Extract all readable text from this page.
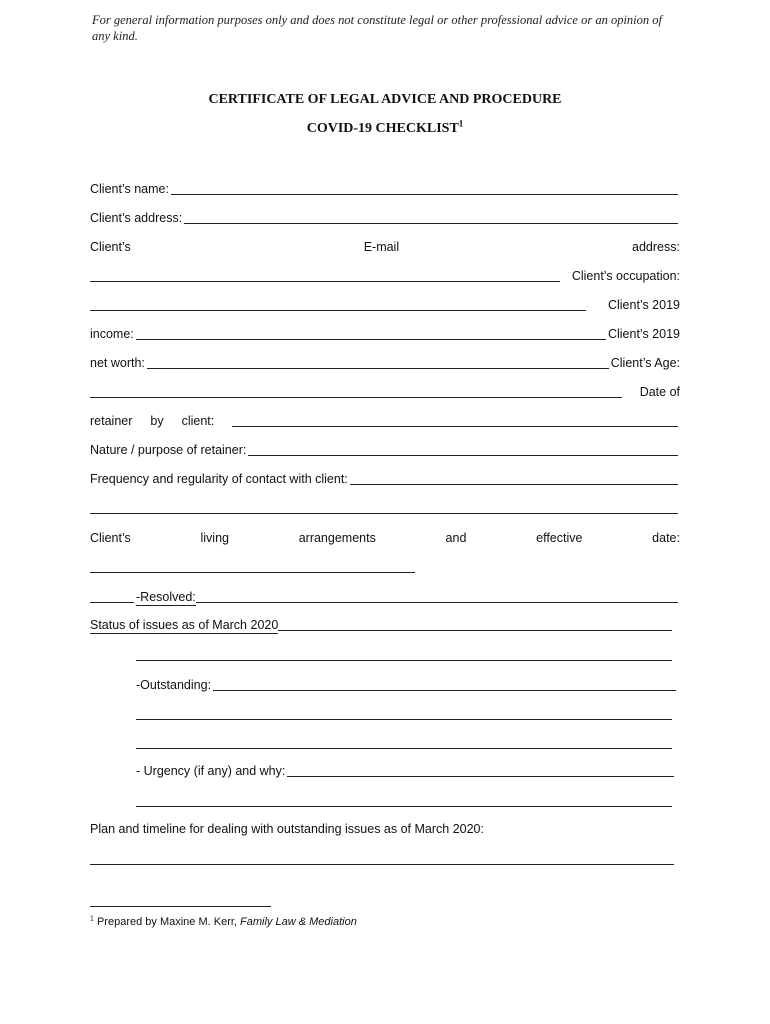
For general information purposes only and does not constitute legal or other professional advice or an opinion of any kind.
CERTIFICATE OF LEGAL ADVICE AND PROCEDURE
COVID-19 CHECKLIST$^1$
Client’s name:
Client’s address:
Client’s	E-mail	address:
Client’s occupation:
Client’s 2019
income:	Client’s 2019
net worth:	Client’s Age:
Date of
retainer by client:
Nature / purpose of retainer:
Frequency and regularity of contact with client:
Client’s	living	arrangements	and	effective	date:
-Resolved:
Status of issues as of March 2020
-Outstanding:
- Urgency (if any) and why:
Plan and timeline for dealing with outstanding issues as of March 2020:
$^1$ Prepared by Maxine M. Kerr, Family Law & Mediation
